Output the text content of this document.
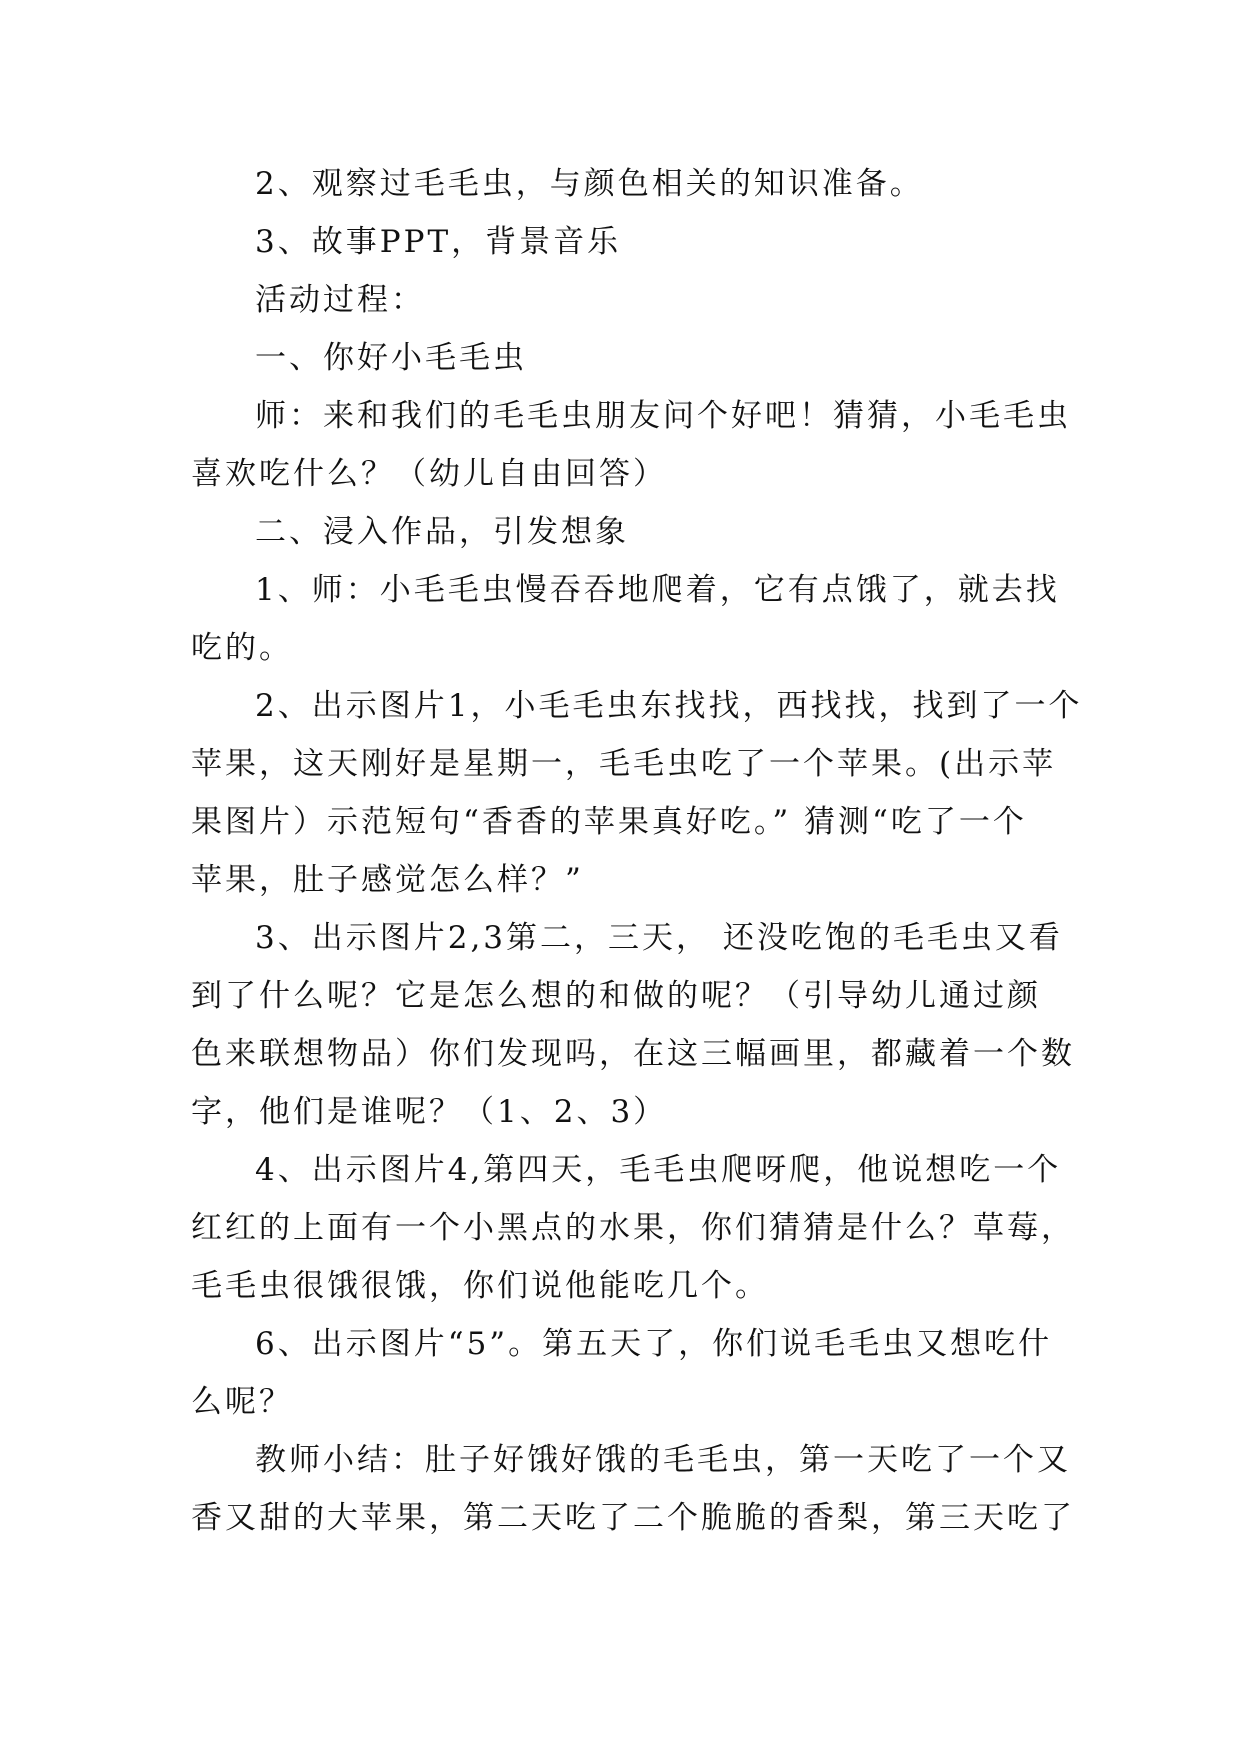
2、观察过毛毛虫，与颜色相关的知识准备。

3、故事PPT，背景音乐

活动过程：

一、你好小毛毛虫

师：来和我们的毛毛虫朋友问个好吧！猜猜，小毛毛虫

喜欢吃什么？（幼儿自由回答）

二、浸入作品，引发想象

1、师：小毛毛虫慢吞吞地爬着，它有点饿了，就去找

吃的。

2、出示图片1，小毛毛虫东找找，西找找，找到了一个

苹果，这天刚好是星期一，毛毛虫吃了一个苹果。(出示苹

果图片）示范短句“香香的苹果真好吃。” 猜测“吃了一个

苹果，肚子感觉怎么样？”

3、出示图片2,3第二，三天， 还没吃饱的毛毛虫又看

到了什么呢？它是怎么想的和做的呢？（引导幼儿通过颜

色来联想物品）你们发现吗，在这三幅画里，都藏着一个数

字，他们是谁呢？（1、2、3）

4、出示图片4,第四天，毛毛虫爬呀爬，他说想吃一个

红红的上面有一个小黑点的水果，你们猜猜是什么？草莓，

毛毛虫很饿很饿，你们说他能吃几个。

6、出示图片“5”。第五天了，你们说毛毛虫又想吃什

么呢？

教师小结：肚子好饿好饿的毛毛虫，第一天吃了一个又

香又甜的大苹果，第二天吃了二个脆脆的香梨，第三天吃了
